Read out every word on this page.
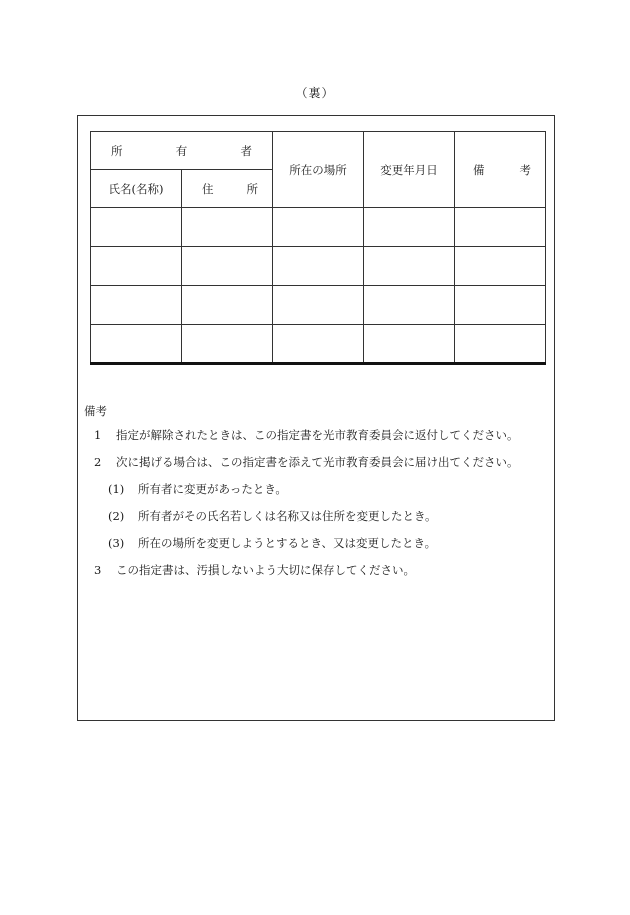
（裏）
所 有 者		所在の場所	変更年月日	備 考

氏名(名称)	住 所			

備考
1	指定が解除されたときは、この指定書を光市教育委員会に返付してください。
2	次に掲げる場合は、この指定書を添えて光市教育委員会に届け出てください。
(1)	所有者に変更があったとき。
(2)	所有者がその氏名若しくは名称又は住所を変更したとき。
(3)	所在の場所を変更しようとするとき、又は変更したとき。
3	この指定書は、汚損しないよう大切に保存してください。
